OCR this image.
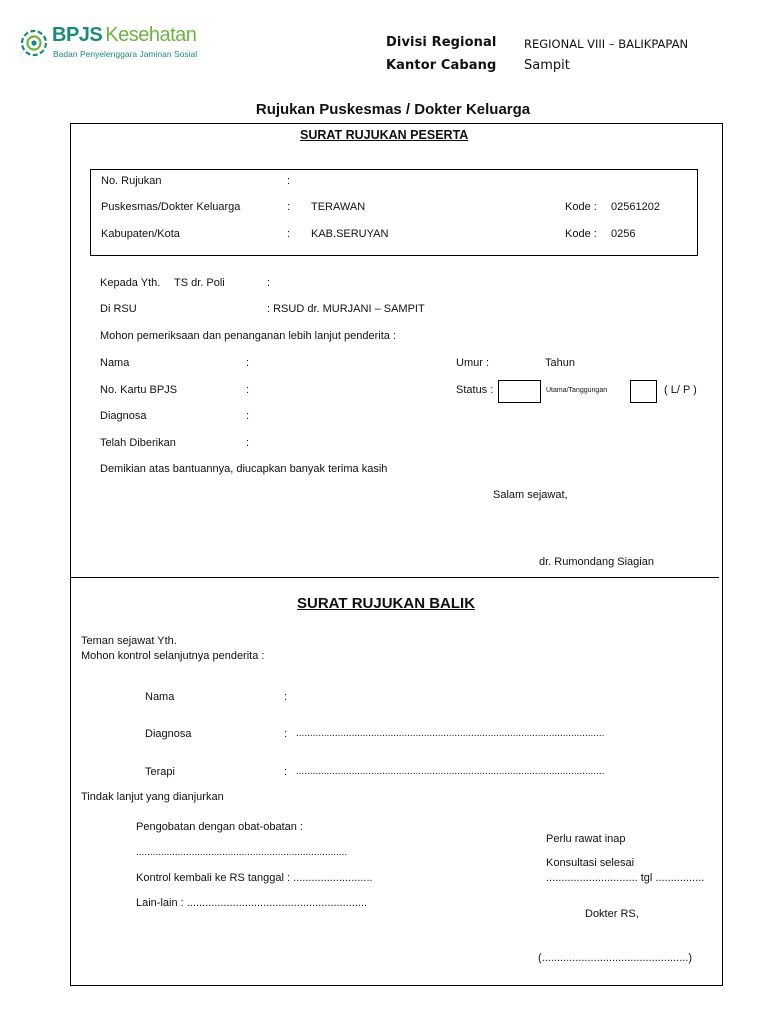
BPJS Kesehatan
Badan Penyelenggara Jaminan Sosial
Divisi Regional REGIONAL VIII – BALIKPAPAN
Kantor Cabang Sampit
Rujukan Puskesmas / Dokter Keluarga
SURAT RUJUKAN PESERTA
No. Rujukan	:
Puskesmas/Dokter Keluarga	: TERAWAN	Kode : 02561202
Kabupaten/Kota	: KAB.SERUYAN	Kode : 0256
Kepada Yth. TS dr. Poli	:
Di RSU	: RSUD dr. MURJANI – SAMPIT
Mohon pemeriksaan dan penanganan lebih lanjut penderita :
Nama	:	Umur :	Tahun
No. Kartu BPJS	:	Status :	Utama/Tanggungan	( L/ P )
Diagnosa	:
Telah Diberikan	:
Demikian atas bantuannya, diucapkan banyak terima kasih
Salam sejawat,
dr. Rumondang Siagian
SURAT RUJUKAN BALIK
Teman sejawat Yth.
Mohon kontrol selanjutnya penderita :
Nama	:
Diagnosa	: ...............................................................................................................
Terapi	: ...............................................................................................................
Tindak lanjut yang dianjurkan
Pengobatan dengan obat-obatan :
............................................................................
Kontrol kembali ke RS tanggal : ..........................
Lain-lain : ...........................................................
Perlu rawat inap
Konsultasi selesai
.............................. tgl ................
Dokter RS,
(................................................)
